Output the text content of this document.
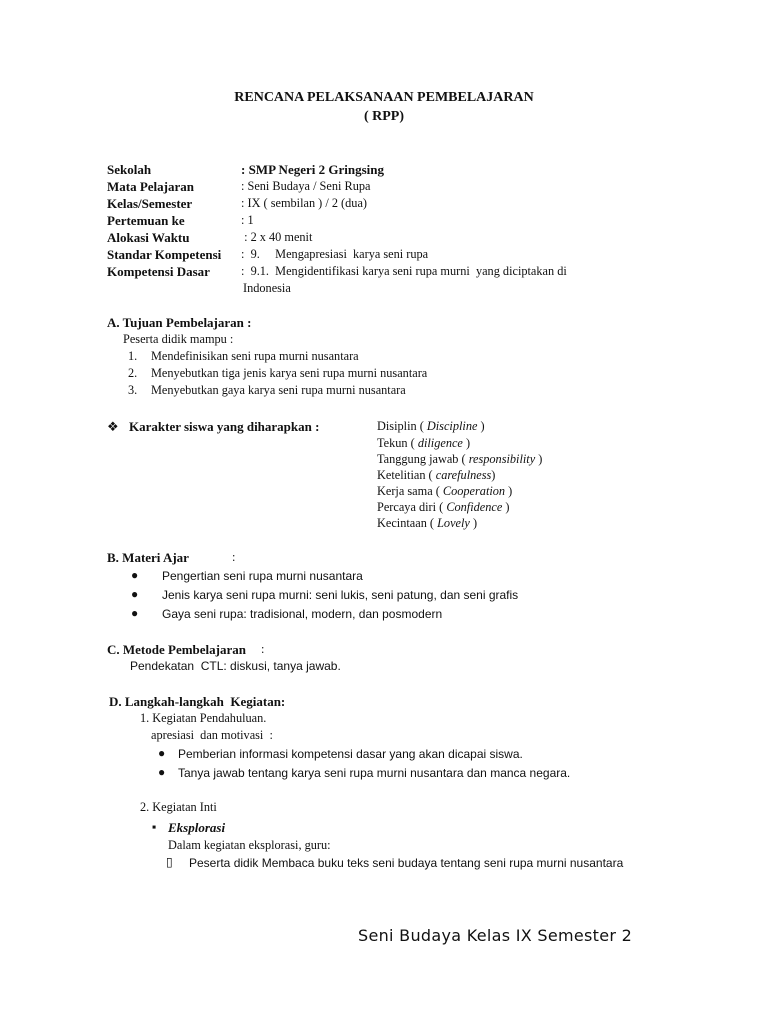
RENCANA PELAKSANAAN PEMBELAJARAN
( RPP)
Sekolah	: SMP Negeri 2 Gringsing
Mata Pelajaran	: Seni Budaya / Seni Rupa
Kelas/Semester	: IX ( sembilan ) / 2 (dua)
Pertemuan ke	: 1
Alokasi Waktu	: 2 x 40 menit
Standar Kompetensi :  9.     Mengapresiasi  karya seni rupa
Kompetensi Dasar	:  9.1.  Mengidentifikasi karya seni rupa murni  yang diciptakan di
Indonesia
A. Tujuan Pembelajaran :
Peserta didik mampu :
1. Mendefinisikan seni rupa murni nusantara
2. Menyebutkan tiga jenis karya seni rupa murni nusantara
3. Menyebutkan gaya karya seni rupa murni nusantara
❖ Karakter siswa yang diharapkan :	Disiplin ( Discipline )
Tekun ( diligence )
Tanggung jawab ( responsibility )
Ketelitian ( carefulness)
Kerja sama ( Cooperation )
Percaya diri ( Confidence )
Kecintaan ( Lovely )
B. Materi Ajar	:
● Pengertian seni rupa murni nusantara
● Jenis karya seni rupa murni: seni lukis, seni patung, dan seni grafis
● Gaya seni rupa: tradisional, modern, dan posmodern
C. Metode Pembelajaran :
Pendekatan  CTL: diskusi, tanya jawab.
D. Langkah-langkah  Kegiatan:
1. Kegiatan Pendahuluan.
apresiasi  dan motivasi  :
● Pemberian informasi kompetensi dasar yang akan dicapai siswa.
● Tanya jawab tentang karya seni rupa murni nusantara dan manca negara.
2. Kegiatan Inti
▪ Eksplorasi
Dalam kegiatan eksplorasi, guru:
▯ Peserta didik Membaca buku teks seni budaya tentang seni rupa murni nusantara
Seni Budaya Kelas IX Semester 2
